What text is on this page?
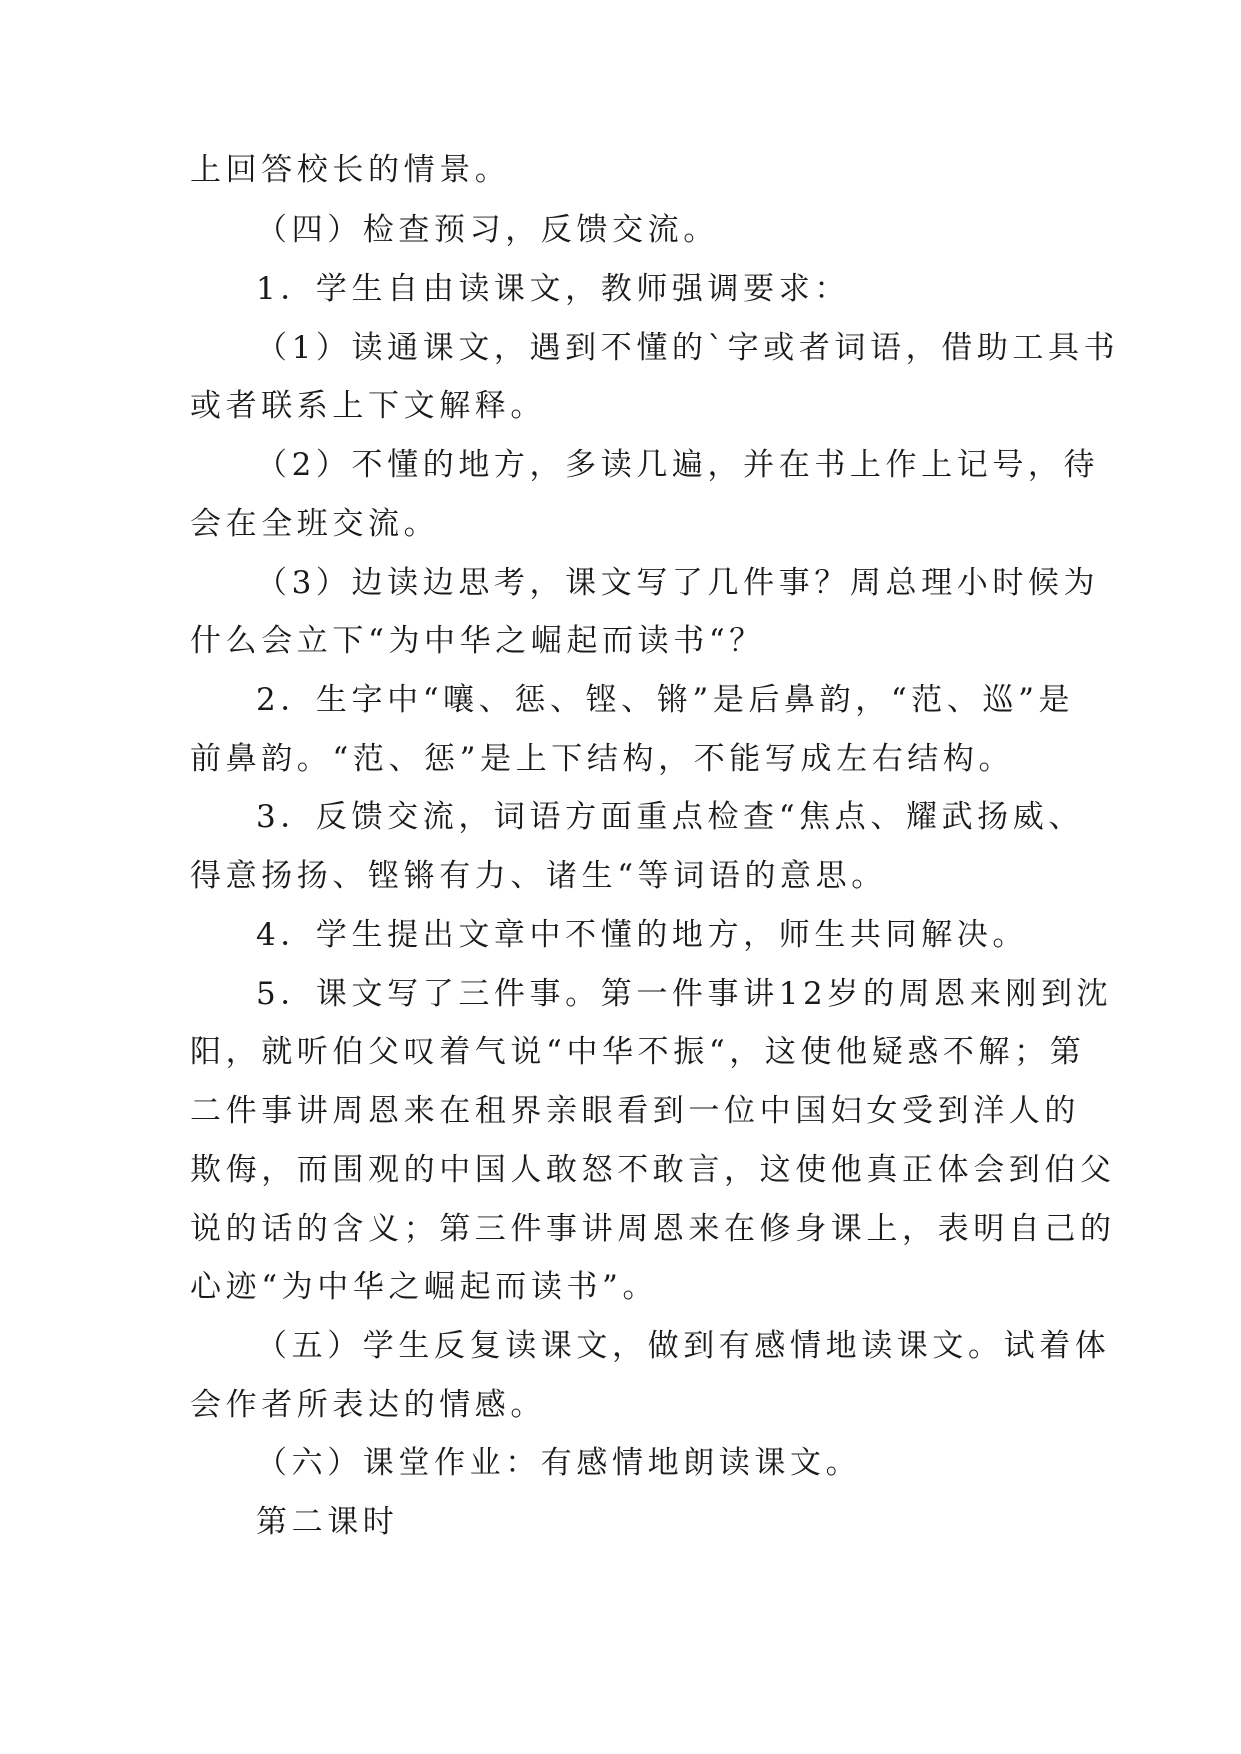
上回答校长的情景。
（四）检查预习，反馈交流。
1．学生自由读课文，教师强调要求：
（1）读通课文，遇到不懂的`字或者词语，借助工具书
或者联系上下文解释。
（2）不懂的地方，多读几遍，并在书上作上记号，待
会在全班交流。
（3）边读边思考，课文写了几件事？周总理小时候为
什么会立下“为中华之崛起而读书“？
2．生字中“嚷、惩、铿、锵”是后鼻韵，“范、巡”是
前鼻韵。“范、惩”是上下结构，不能写成左右结构。
3．反馈交流，词语方面重点检查“焦点、耀武扬威、
得意扬扬、铿锵有力、诸生“等词语的意思。
4．学生提出文章中不懂的地方，师生共同解决。
5．课文写了三件事。第一件事讲12岁的周恩来刚到沈
阳，就听伯父叹着气说“中华不振“，这使他疑惑不解；第
二件事讲周恩来在租界亲眼看到一位中国妇女受到洋人的
欺侮，而围观的中国人敢怒不敢言，这使他真正体会到伯父
说的话的含义；第三件事讲周恩来在修身课上，表明自己的
心迹“为中华之崛起而读书”。
（五）学生反复读课文，做到有感情地读课文。试着体
会作者所表达的情感。
（六）课堂作业：有感情地朗读课文。
第二课时
